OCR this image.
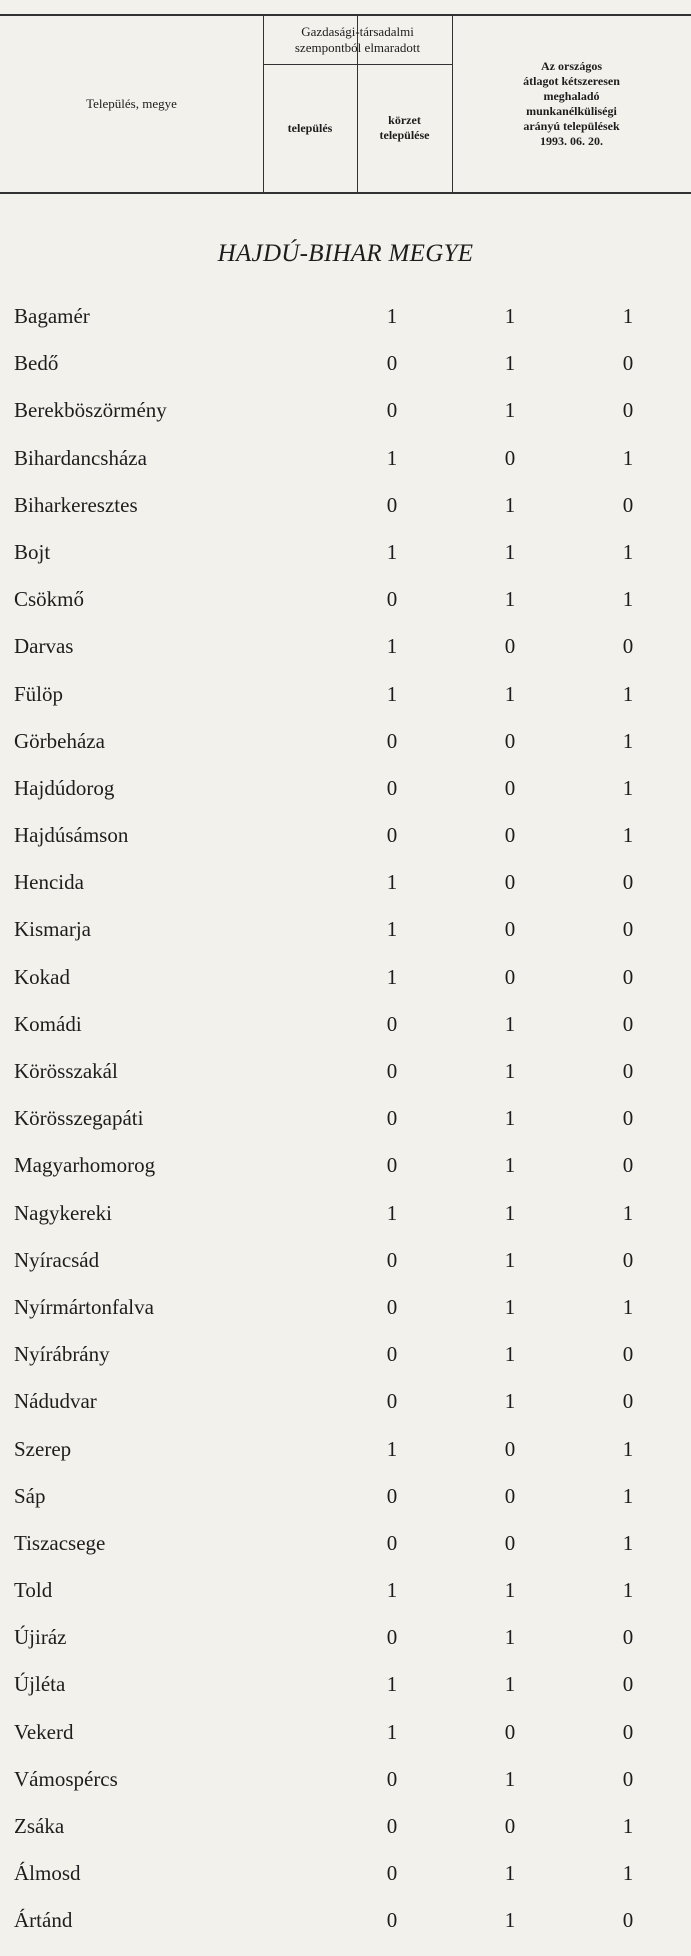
Település, megye
Gazdasági-társadalmi szempontból elmaradott
település
körzet települése
Az országos átlagot kétszeresen meghaladó munkanélküliségi arányú települések 1993. 06. 20.
HAJDÚ-BIHAR MEGYE
Bagamér	1	1	1
Bedő	0	1	0
Berekböszörmény	0	1	0
Bihardancsháza	1	0	1
Biharkeresztes	0	1	0
Bojt	1	1	1
Csökmő	0	1	1
Darvas	1	0	0
Fülöp	1	1	1
Görbeháza	0	0	1
Hajdúdorog	0	0	1
Hajdúsámson	0	0	1
Hencida	1	0	0
Kismarja	1	0	0
Kokad	1	0	0
Komádi	0	1	0
Körösszakál	0	1	0
Körösszegapáti	0	1	0
Magyarhomorog	0	1	0
Nagykereki	1	1	1
Nyíracsád	0	1	0
Nyírmártonfalva	0	1	1
Nyírábrány	0	1	0
Nádudvar	0	1	0
Szerep	1	0	1
Sáp	0	0	1
Tiszacsege	0	0	1
Told	1	1	1
Újiráz	0	1	0
Újléta	1	1	0
Vekerd	1	0	0
Vámospércs	0	1	0
Zsáka	0	0	1
Álmosd	0	1	1
Ártánd	0	1	0
